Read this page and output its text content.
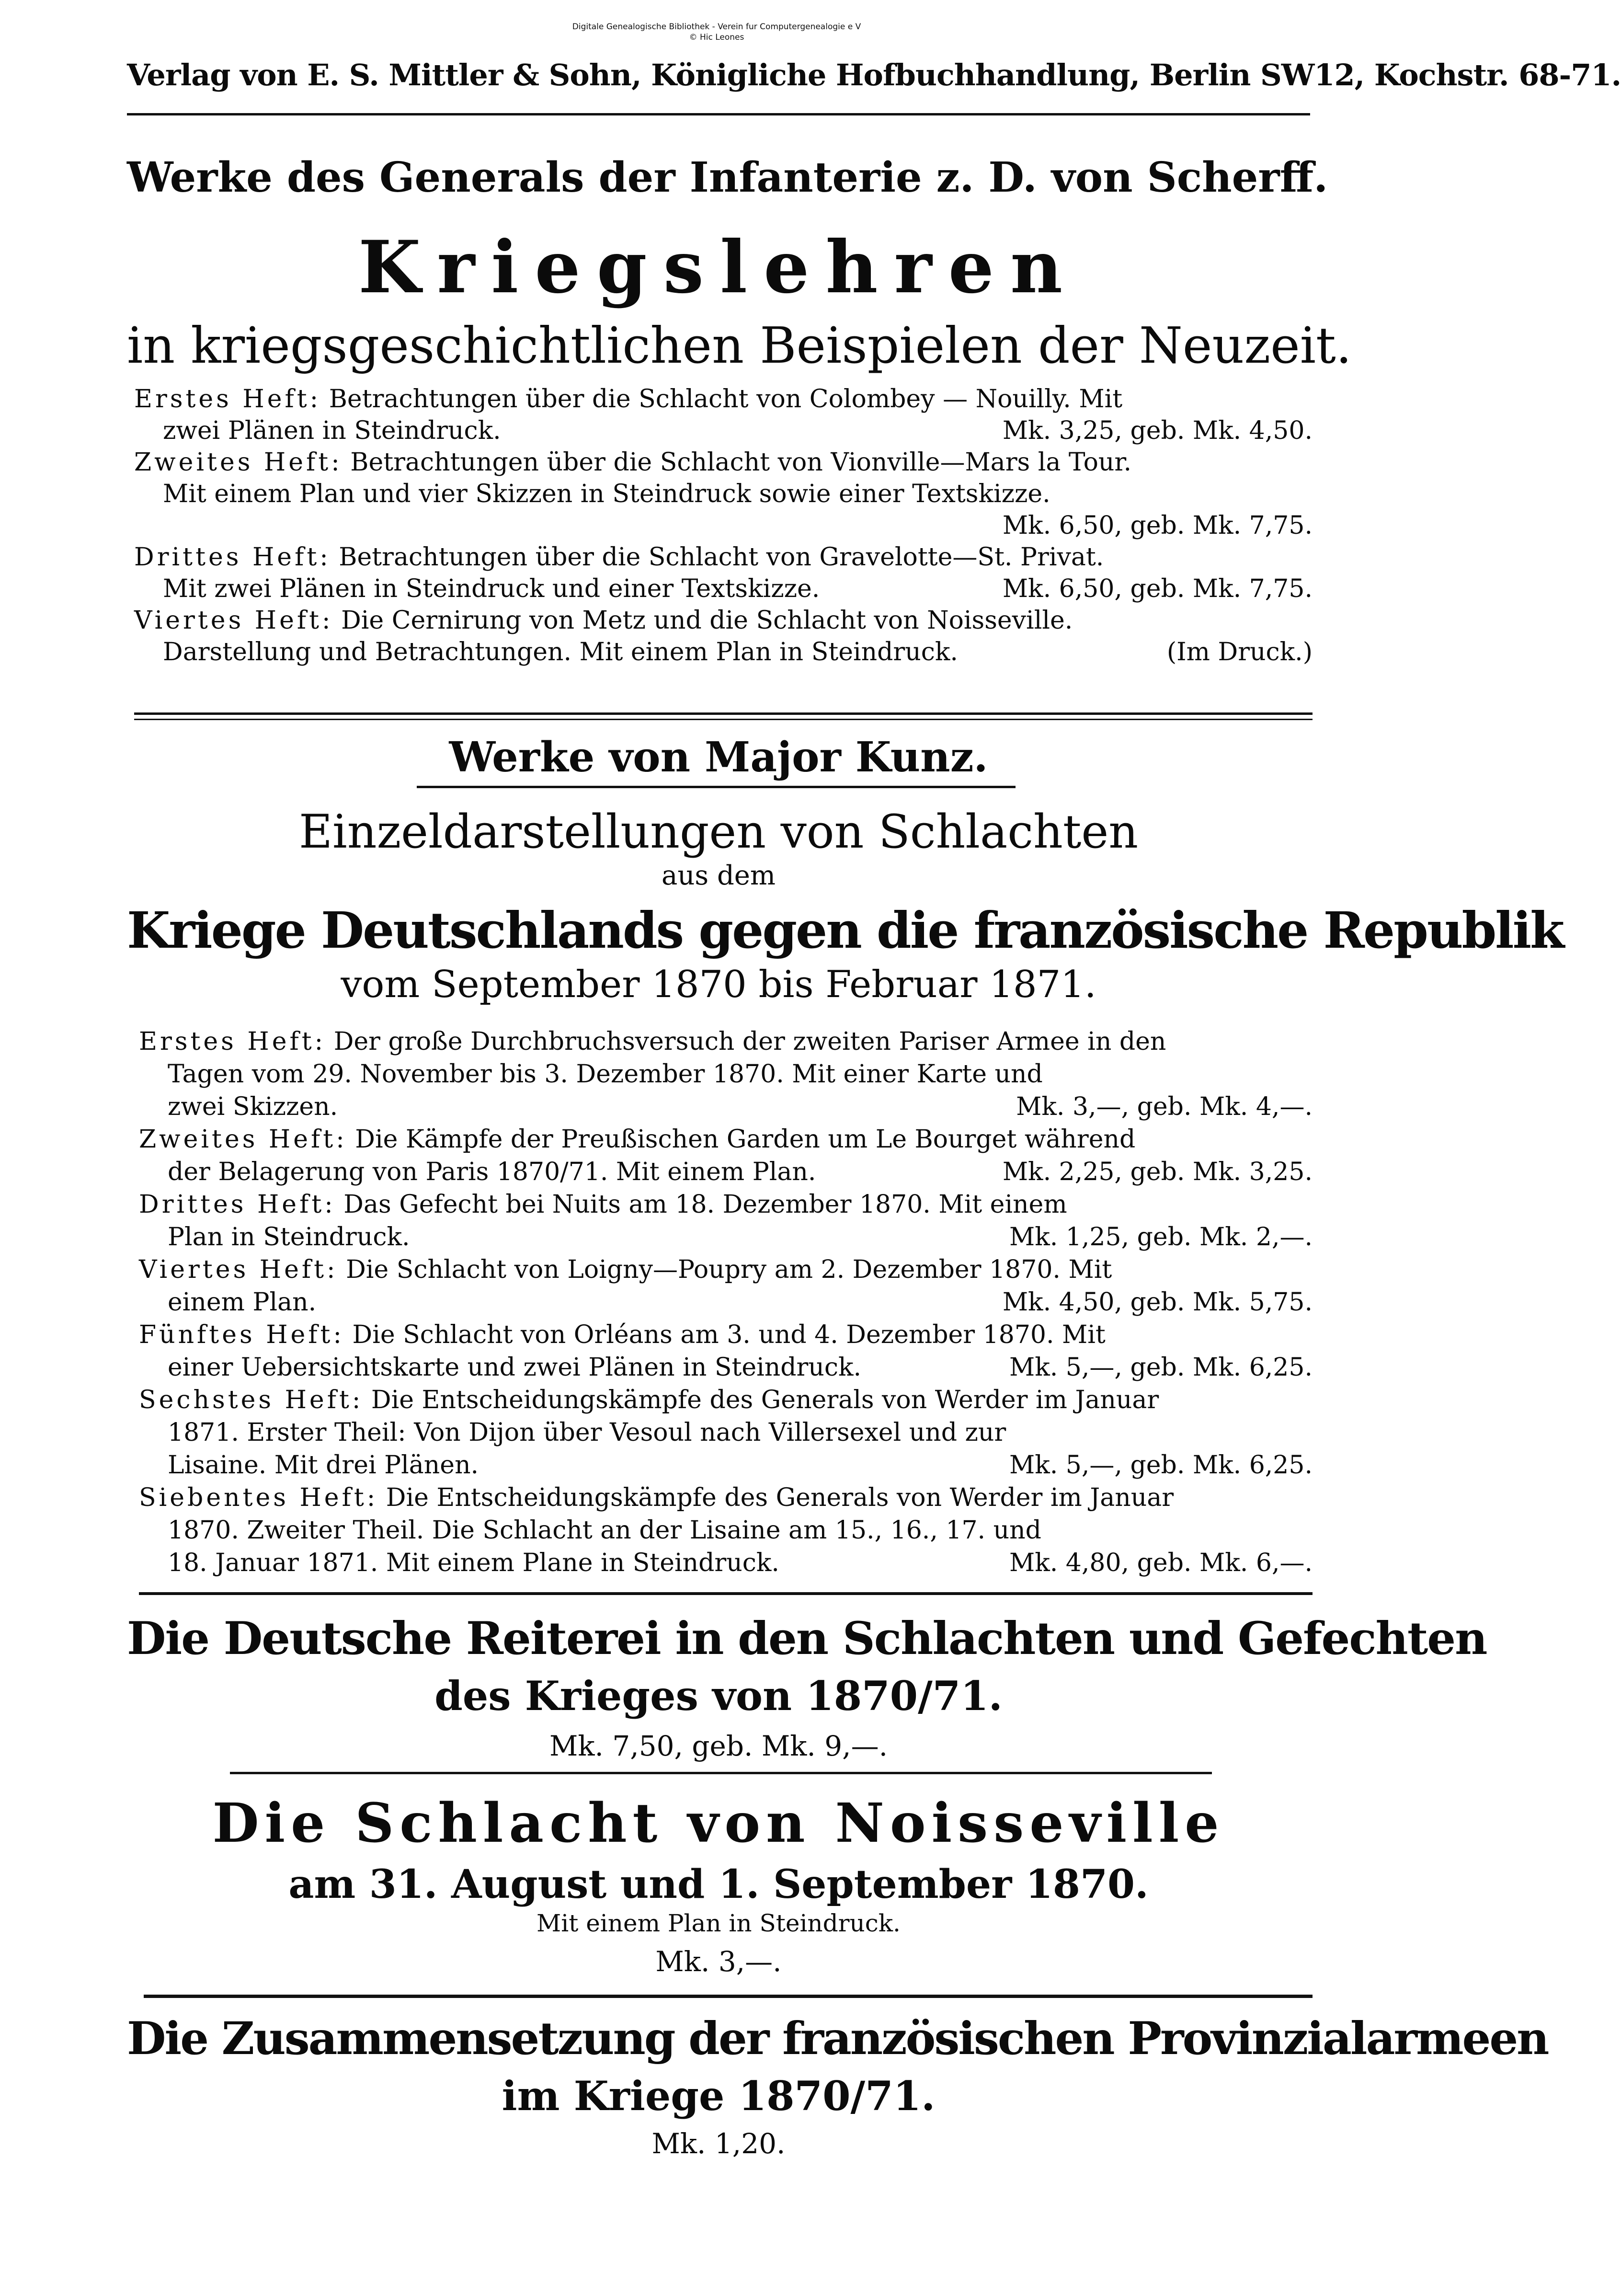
Digitale Genealogische Bibliothek - Verein fur Computergenealogie e V
© Hic Leones
Verlag von E. S. Mittler & Sohn, Königliche Hofbuchhandlung, Berlin SW12, Kochstr. 68-71.
Werke des Generals der Infanterie z. D. von Scherff.
Kriegslehren
in kriegsgeschichtlichen Beispielen der Neuzeit.
Erstes Heft: Betrachtungen über die Schlacht von Colombey — Nouilly. Mit
zwei Plänen in Steindruck.	Mk. 3,25, geb. Mk. 4,50.
Zweites Heft: Betrachtungen über die Schlacht von Vionville—Mars la Tour.
Mit einem Plan und vier Skizzen in Steindruck sowie einer Textskizze.
Mk. 6,50, geb. Mk. 7,75.

Drittes Heft: Betrachtungen über die Schlacht von Gravelotte—St. Privat.
Mit zwei Plänen in Steindruck und einer Textskizze.	Mk. 6,50, geb. Mk. 7,75.
Viertes Heft: Die Cernirung von Metz und die Schlacht von Noisseville.
Darstellung und Betrachtungen. Mit einem Plan in Steindruck.	(Im Druck.)
Werke von Major Kunz.
Einzeldarstellungen von Schlachten
aus dem
Kriege Deutschlands gegen die französische Republik
vom September 1870 bis Februar 1871.
Erstes Heft: Der große Durchbruchsversuch der zweiten Pariser Armee in den
Tagen vom 29. November bis 3. Dezember 1870. Mit einer Karte und
zwei Skizzen.	Mk. 3,—, geb. Mk. 4,—.
Zweites Heft: Die Kämpfe der Preußischen Garden um Le Bourget während
der Belagerung von Paris 1870/71. Mit einem Plan.	Mk. 2,25, geb. Mk. 3,25.
Drittes Heft: Das Gefecht bei Nuits am 18. Dezember 1870. Mit einem
Plan in Steindruck.	Mk. 1,25, geb. Mk. 2,—.
Viertes Heft: Die Schlacht von Loigny—Poupry am 2. Dezember 1870. Mit
einem Plan.	Mk. 4,50, geb. Mk. 5,75.
Fünftes Heft: Die Schlacht von Orléans am 3. und 4. Dezember 1870. Mit
einer Uebersichtskarte und zwei Plänen in Steindruck.	Mk. 5,—, geb. Mk. 6,25.
Sechstes Heft: Die Entscheidungskämpfe des Generals von Werder im Januar
1871. Erster Theil: Von Dijon über Vesoul nach Villersexel und zur
Lisaine. Mit drei Plänen.	Mk. 5,—, geb. Mk. 6,25.
Siebentes Heft: Die Entscheidungskämpfe des Generals von Werder im Januar
1870. Zweiter Theil. Die Schlacht an der Lisaine am 15., 16., 17. und
18. Januar 1871. Mit einem Plane in Steindruck.	Mk. 4,80, geb. Mk. 6,—.
Die Deutsche Reiterei in den Schlachten und Gefechten
des Krieges von 1870/71.
Mk. 7,50, geb. Mk. 9,—.
Die Schlacht von Noisseville
am 31. August und 1. September 1870.
Mit einem Plan in Steindruck.
Mk. 3,—.
Die Zusammensetzung der französischen Provinzialarmeen
im Kriege 1870/71.
Mk. 1,20.
